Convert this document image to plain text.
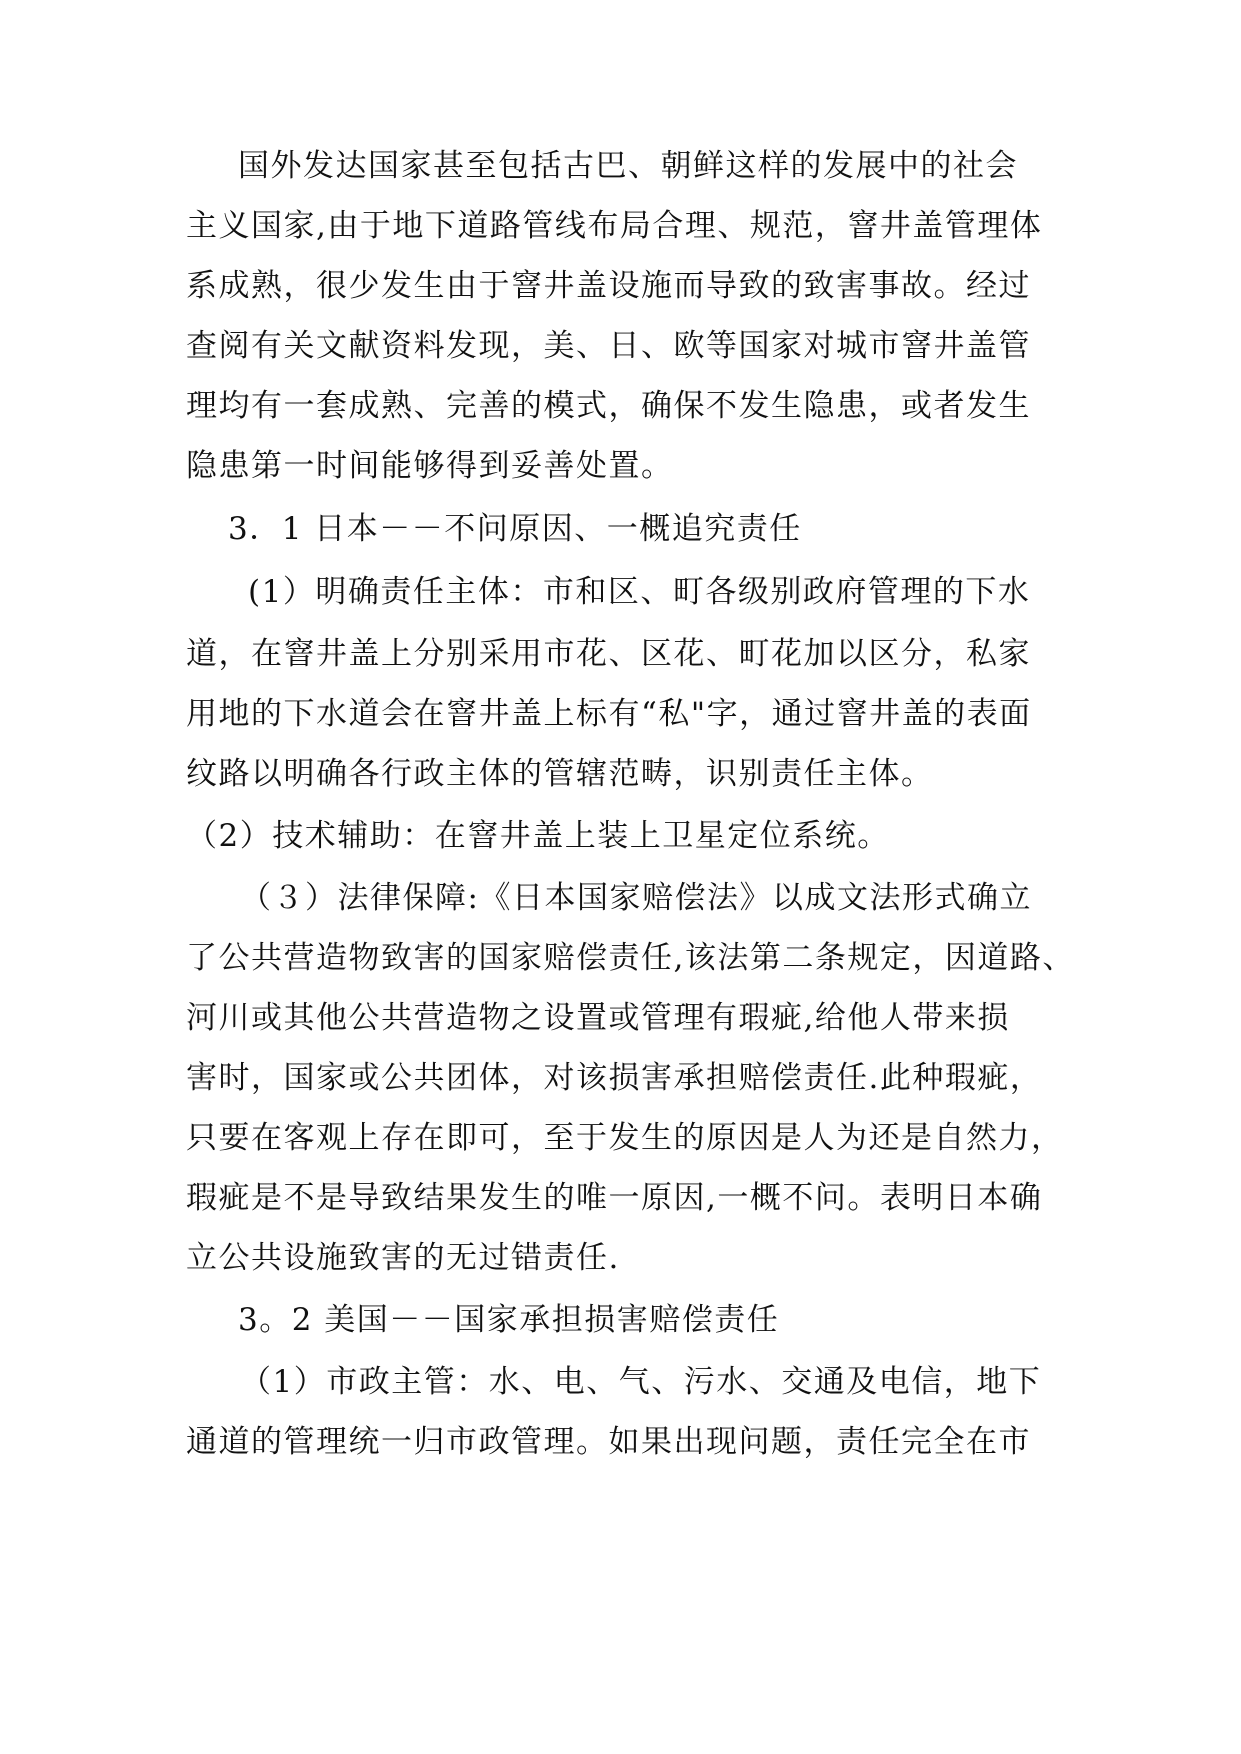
国外发达国家甚至包括古巴、朝鲜这样的发展中的社会
主义国家,由于地下道路管线布局合理、规范，窨井盖管理体
系成熟，很少发生由于窨井盖设施而导致的致害事故。经过
查阅有关文献资料发现，美、日、欧等国家对城市窨井盖管
理均有一套成熟、完善的模式，确保不发生隐患，或者发生
隐患第一时间能够得到妥善处置。
3．1 日本－－不问原因、一概追究责任
(1）明确责任主体：市和区、町各级别政府管理的下水
道，在窨井盖上分别采用市花、区花、町花加以区分，私家
用地的下水道会在窨井盖上标有“私"字，通过窨井盖的表面
纹路以明确各行政主体的管辖范畴，识别责任主体。
（2）技术辅助：在窨井盖上装上卫星定位系统。
（３）法律保障:《日本国家赔偿法》以成文法形式确立
了公共营造物致害的国家赔偿责任,该法第二条规定，因道路、
河川或其他公共营造物之设置或管理有瑕疵,给他人带来损
害时，国家或公共团体，对该损害承担赔偿责任.此种瑕疵，
只要在客观上存在即可，至于发生的原因是人为还是自然力，
瑕疵是不是导致结果发生的唯一原因,一概不问。表明日本确
立公共设施致害的无过错责任.
3。2 美国－－国家承担损害赔偿责任
（1）市政主管：水、电、气、污水、交通及电信，地下
通道的管理统一归市政管理。如果出现问题，责任完全在市
